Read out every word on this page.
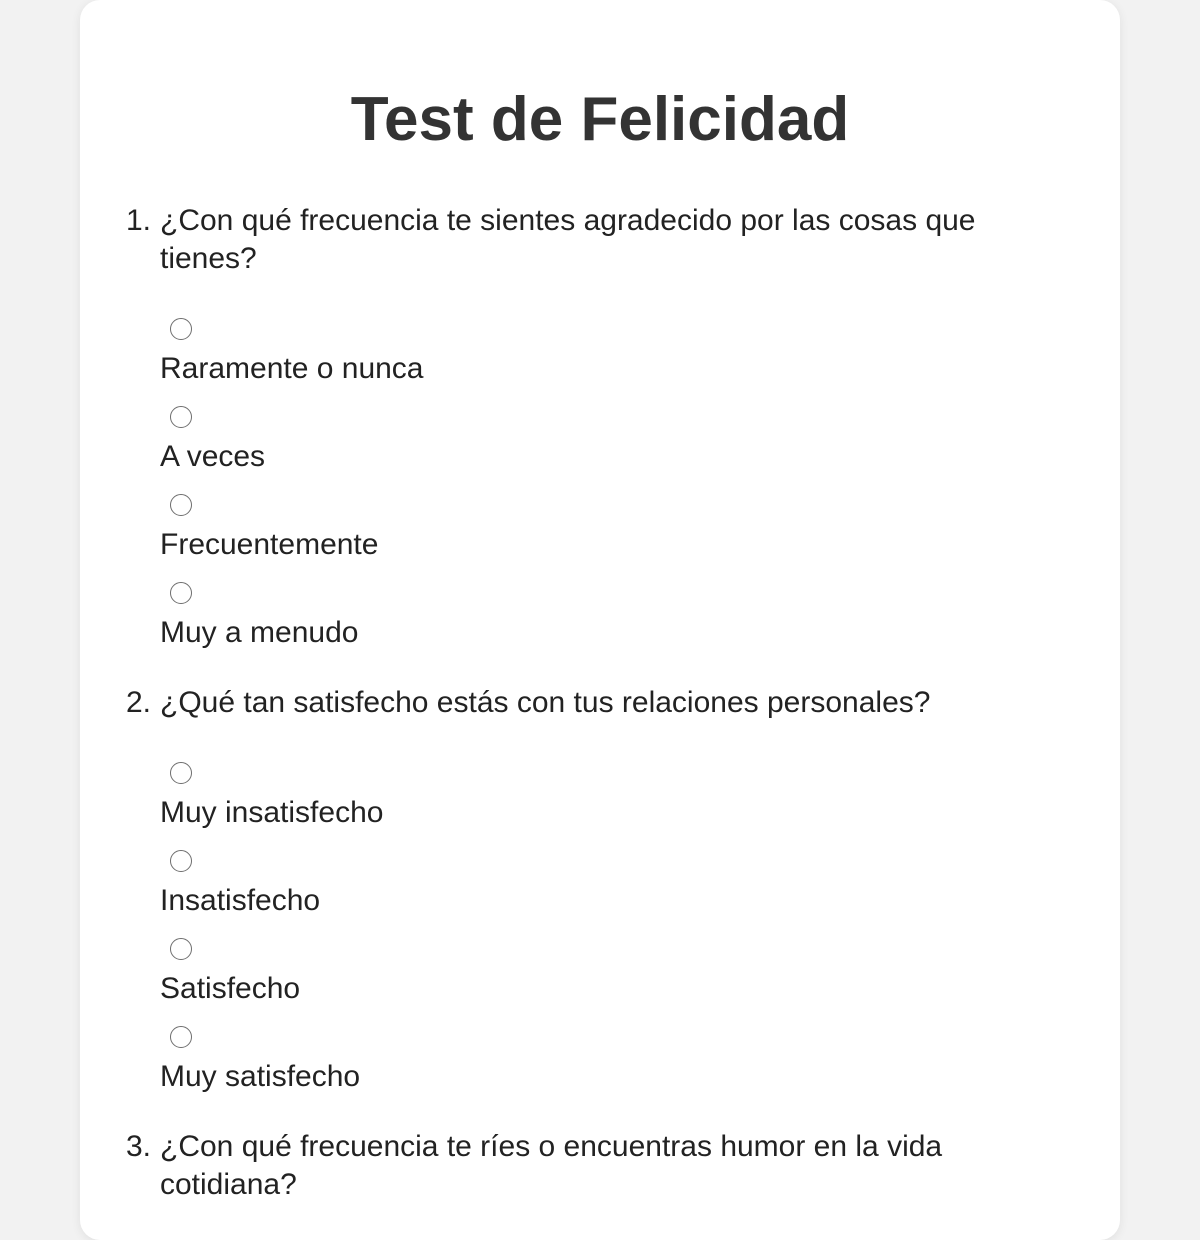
Test de Felicidad
1. ¿Con qué frecuencia te sientes agradecido por las cosas que tienes?
Raramente o nunca
A veces
Frecuentemente
Muy a menudo
2. ¿Qué tan satisfecho estás con tus relaciones personales?
Muy insatisfecho
Insatisfecho
Satisfecho
Muy satisfecho
3. ¿Con qué frecuencia te ríes o encuentras humor en la vida cotidiana?
